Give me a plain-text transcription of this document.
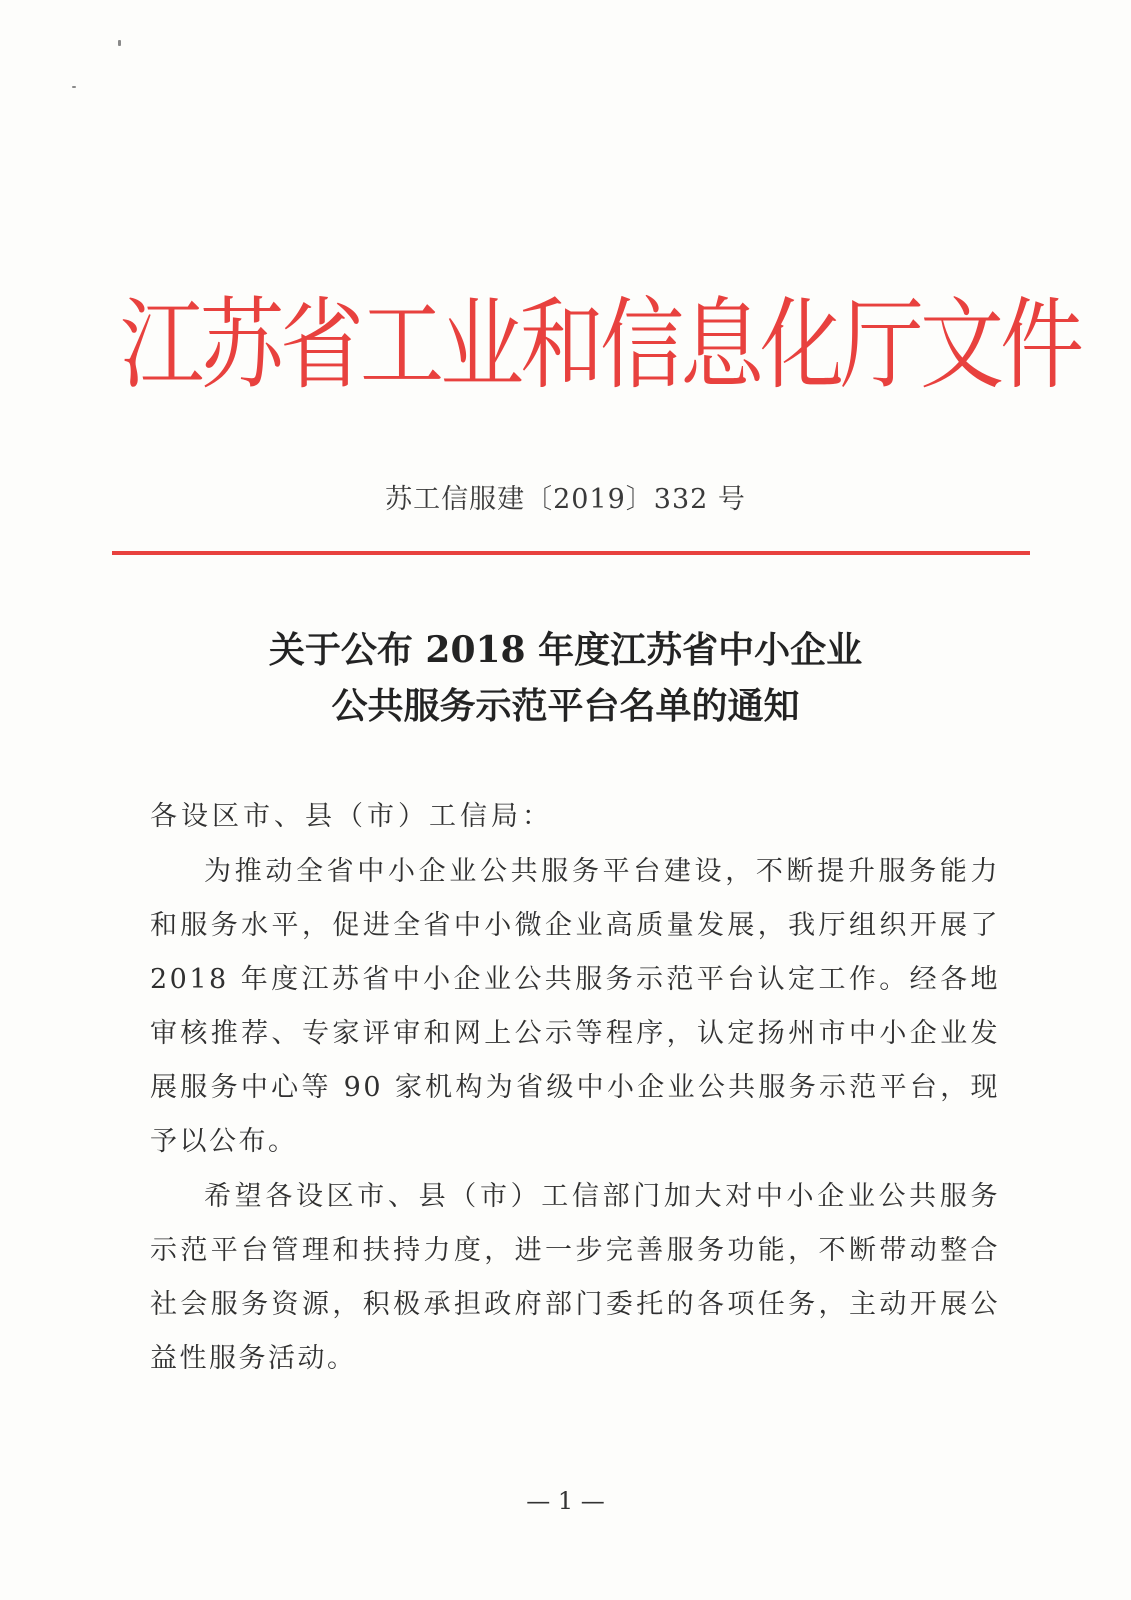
江苏省工业和信息化厅文件
苏工信服建〔2019〕332 号
关于公布 2018 年度江苏省中小企业
公共服务示范平台名单的通知
各设区市、县（市）工信局：
为推动全省中小企业公共服务平台建设，不断提升服务能力和服务水平，促进全省中小微企业高质量发展，我厅组织开展了2018 年度江苏省中小企业公共服务示范平台认定工作。经各地审核推荐、专家评审和网上公示等程序，认定扬州市中小企业发展服务中心等 90 家机构为省级中小企业公共服务示范平台，现予以公布。
希望各设区市、县（市）工信部门加大对中小企业公共服务示范平台管理和扶持力度，进一步完善服务功能，不断带动整合社会服务资源，积极承担政府部门委托的各项任务，主动开展公益性服务活动。
— 1 —
